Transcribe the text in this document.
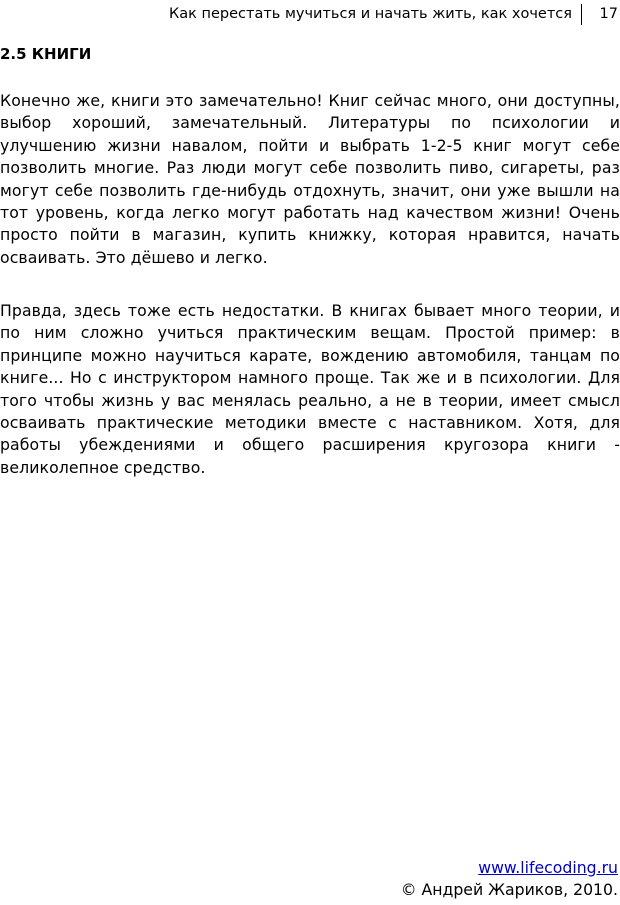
Как перестать мучиться и начать жить, как хочется 17
2.5 КНИГИ

Конечно же, книги это замечательно! Книг сейчас много, они доступны, выбор хороший, замечательный. Литературы по психологии и улучшению жизни навалом, пойти и выбрать 1-2-5 книг могут себе позволить многие. Раз люди могут себе позволить пиво, сигареты, раз могут себе позволить где-нибудь отдохнуть, значит, они уже вышли на тот уровень, когда легко могут работать над качеством жизни! Очень просто пойти в магазин, купить книжку, которая нравится, начать осваивать. Это дёшево и легко.

Правда, здесь тоже есть недостатки. В книгах бывает много теории, и по ним сложно учиться практическим вещам. Простой пример: в принципе можно научиться карате, вождению автомобиля, танцам по книге... Но с инструктором намного проще. Так же и в психологии. Для того чтобы жизнь у вас менялась реально, а не в теории, имеет смысл осваивать практические методики вместе с наставником. Хотя, для работы убеждениями и общего расширения кругозора книги - великолепное средство.

www.lifecoding.ru
© Андрей Жариков, 2010.
